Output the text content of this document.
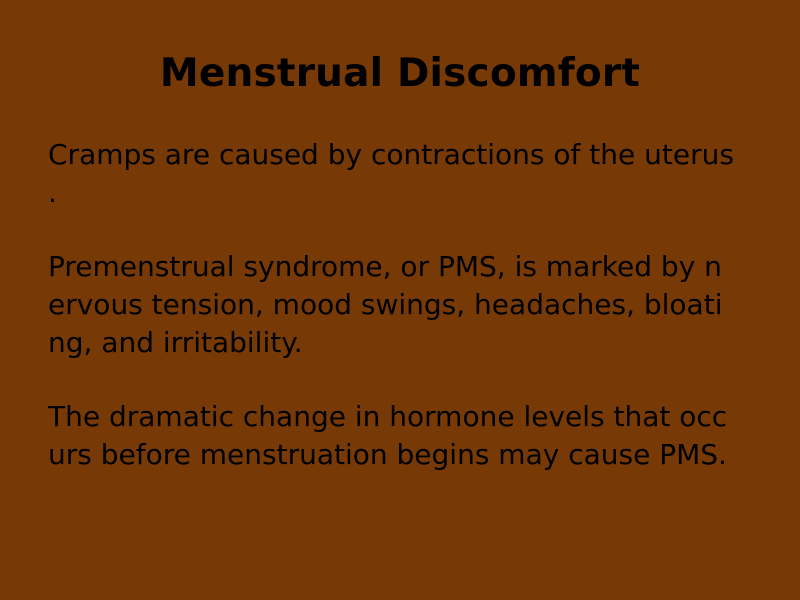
Menstrual Discomfort
Cramps are caused by contractions of the uterus
.
Premenstrual syndrome, or PMS, is marked by n
ervous tension, mood swings, headaches, bloati
ng, and irritability.
The dramatic change in hormone levels that occ
urs before menstruation begins may cause PMS.
